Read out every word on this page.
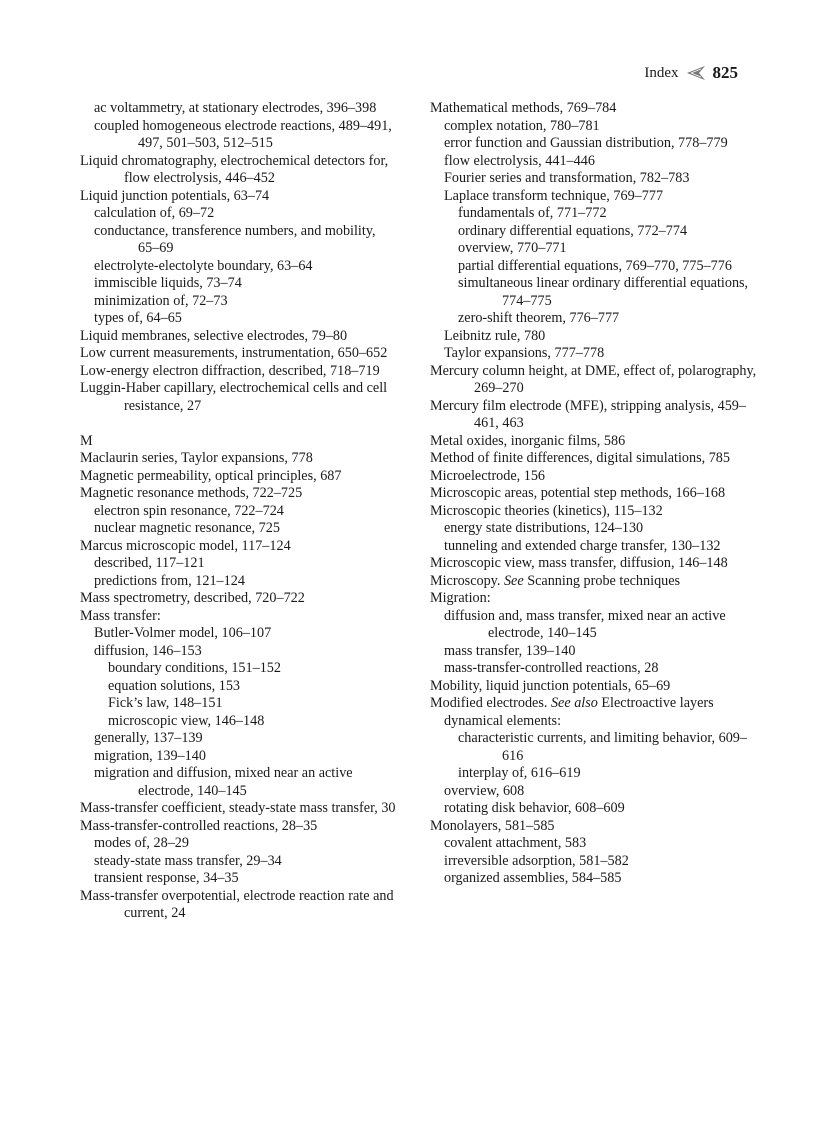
Index 825
ac voltammetry, at stationary electrodes, 396–398
coupled homogeneous electrode reactions, 489–491, 497, 501–503, 512–515
Liquid chromatography, electrochemical detectors for, flow electrolysis, 446–452
Liquid junction potentials, 63–74
calculation of, 69–72
conductance, transference numbers, and mobility, 65–69
electrolyte-electolyte boundary, 63–64
immiscible liquids, 73–74
minimization of, 72–73
types of, 64–65
Liquid membranes, selective electrodes, 79–80
Low current measurements, instrumentation, 650–652
Low-energy electron diffraction, described, 718–719
Luggin-Haber capillary, electrochemical cells and cell resistance, 27
M
Maclaurin series, Taylor expansions, 778
Magnetic permeability, optical principles, 687
Magnetic resonance methods, 722–725
electron spin resonance, 722–724
nuclear magnetic resonance, 725
Marcus microscopic model, 117–124
described, 117–121
predictions from, 121–124
Mass spectrometry, described, 720–722
Mass transfer:
Butler-Volmer model, 106–107
diffusion, 146–153
boundary conditions, 151–152
equation solutions, 153
Fick’s law, 148–151
microscopic view, 146–148
generally, 137–139
migration, 139–140
migration and diffusion, mixed near an active electrode, 140–145
Mass-transfer coefficient, steady-state mass transfer, 30
Mass-transfer-controlled reactions, 28–35
modes of, 28–29
steady-state mass transfer, 29–34
transient response, 34–35
Mass-transfer overpotential, electrode reaction rate and current, 24
Mathematical methods, 769–784
complex notation, 780–781
error function and Gaussian distribution, 778–779
flow electrolysis, 441–446
Fourier series and transformation, 782–783
Laplace transform technique, 769–777
fundamentals of, 771–772
ordinary differential equations, 772–774
overview, 770–771
partial differential equations, 769–770, 775–776
simultaneous linear ordinary differential equations, 774–775
zero-shift theorem, 776–777
Leibnitz rule, 780
Taylor expansions, 777–778
Mercury column height, at DME, effect of, polarography, 269–270
Mercury film electrode (MFE), stripping analysis, 459–461, 463
Metal oxides, inorganic films, 586
Method of finite differences, digital simulations, 785
Microelectrode, 156
Microscopic areas, potential step methods, 166–168
Microscopic theories (kinetics), 115–132
energy state distributions, 124–130
tunneling and extended charge transfer, 130–132
Microscopic view, mass transfer, diffusion, 146–148
Microscopy. See Scanning probe techniques
Migration:
diffusion and, mass transfer, mixed near an active electrode, 140–145
mass transfer, 139–140
mass-transfer-controlled reactions, 28
Mobility, liquid junction potentials, 65–69
Modified electrodes. See also Electroactive layers
dynamical elements:
characteristic currents, and limiting behavior, 609–616
interplay of, 616–619
overview, 608
rotating disk behavior, 608–609
Monolayers, 581–585
covalent attachment, 583
irreversible adsorption, 581–582
organized assemblies, 584–585
